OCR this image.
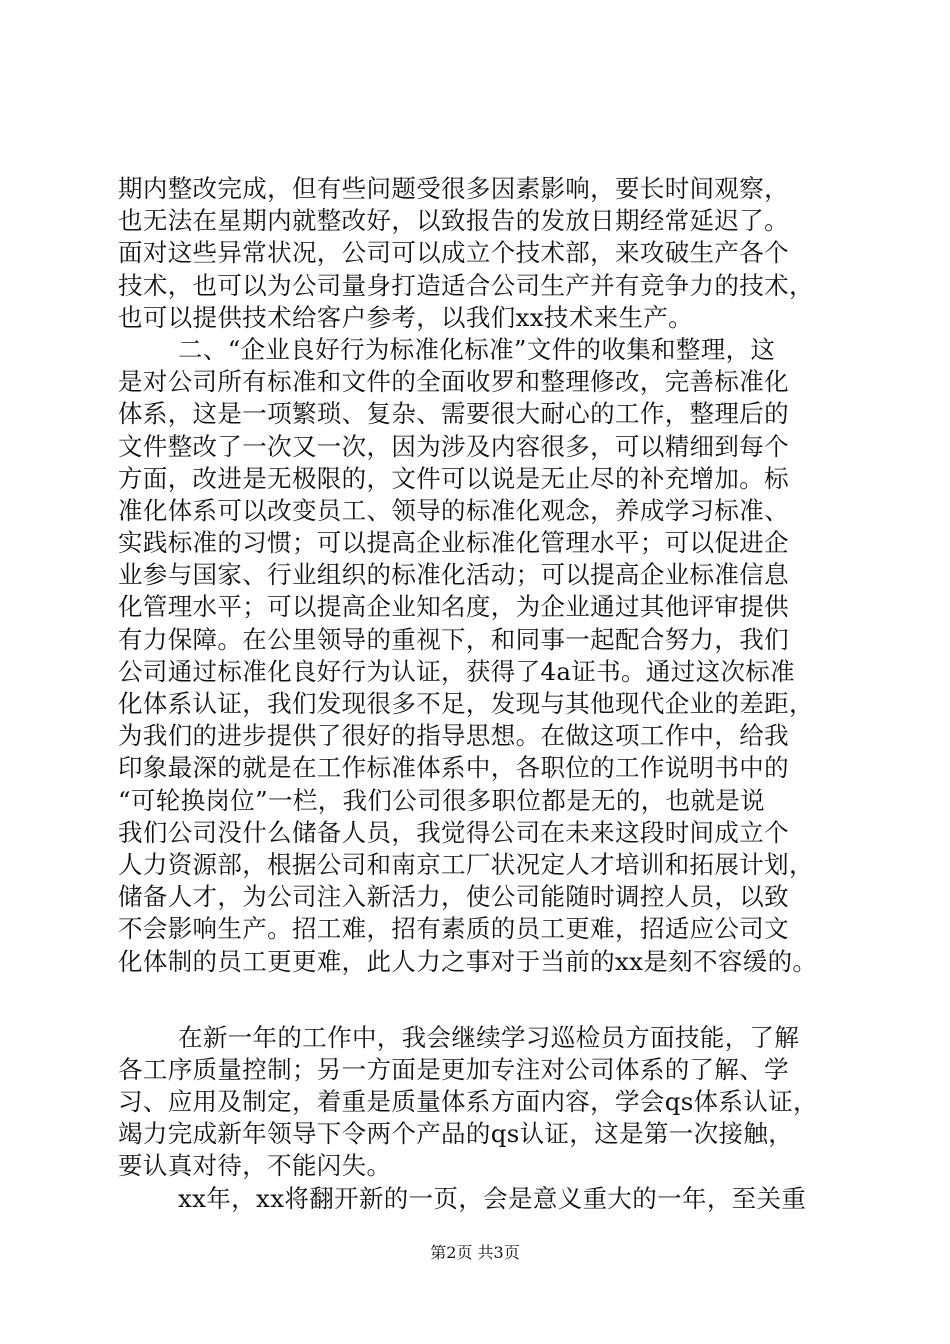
期内整改完成，但有些问题受很多因素影响，要长时间观察，
也无法在星期内就整改好，以致报告的发放日期经常延迟了。
面对这些异常状况，公司可以成立个技术部，来攻破生产各个
技术，也可以为公司量身打造适合公司生产并有竞争力的技术，
也可以提供技术给客户参考，以我们xx技术来生产。
二、“企业良好行为标准化标准”文件的收集和整理，这
是对公司所有标准和文件的全面收罗和整理修改，完善标准化
体系，这是一项繁琐、复杂、需要很大耐心的工作，整理后的
文件整改了一次又一次，因为涉及内容很多，可以精细到每个
方面，改进是无极限的，文件可以说是无止尽的补充增加。标
准化体系可以改变员工、领导的标准化观念，养成学习标准、
实践标准的习惯；可以提高企业标准化管理水平；可以促进企
业参与国家、行业组织的标准化活动；可以提高企业标准信息
化管理水平；可以提高企业知名度，为企业通过其他评审提供
有力保障。在公里领导的重视下，和同事一起配合努力，我们
公司通过标准化良好行为认证，获得了4a证书。通过这次标准
化体系认证，我们发现很多不足，发现与其他现代企业的差距，
为我们的进步提供了很好的指导思想。在做这项工作中，给我
印象最深的就是在工作标准体系中，各职位的工作说明书中的
“可轮换岗位”一栏，我们公司很多职位都是无的，也就是说
我们公司没什么储备人员，我觉得公司在未来这段时间成立个
人力资源部，根据公司和南京工厂状况定人才培训和拓展计划，
储备人才，为公司注入新活力，使公司能随时调控人员，以致
不会影响生产。招工难，招有素质的员工更难，招适应公司文
化体制的员工更更难，此人力之事对于当前的xx是刻不容缓的。
在新一年的工作中，我会继续学习巡检员方面技能，了解
各工序质量控制；另一方面是更加专注对公司体系的了解、学
习、应用及制定，着重是质量体系方面内容，学会qs体系认证，
竭力完成新年领导下令两个产品的qs认证，这是第一次接触，
要认真对待，不能闪失。
xx年，xx将翻开新的一页，会是意义重大的一年，至关重
第2页 共3页
